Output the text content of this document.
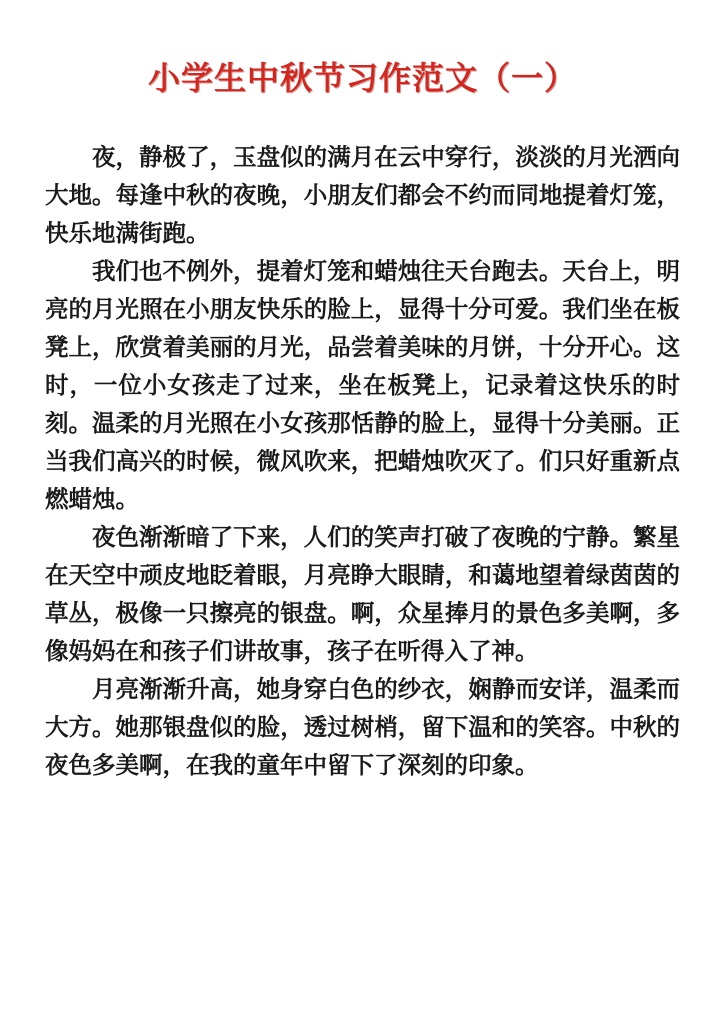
小学生中秋节习作范文（一）

夜，静极了，玉盘似的满月在云中穿行，淡淡的月光洒向大地。每逢中秋的夜晚，小朋友们都会不约而同地提着灯笼，快乐地满街跑。

我们也不例外，提着灯笼和蜡烛往天台跑去。天台上，明亮的月光照在小朋友快乐的脸上，显得十分可爱。我们坐在板凳上，欣赏着美丽的月光，品尝着美味的月饼，十分开心。这时，一位小女孩走了过来，坐在板凳上，记录着这快乐的时刻。温柔的月光照在小女孩那恬静的脸上，显得十分美丽。正当我们高兴的时候，微风吹来，把蜡烛吹灭了。们只好重新点燃蜡烛。

夜色渐渐暗了下来，人们的笑声打破了夜晚的宁静。繁星在天空中顽皮地眨着眼，月亮睁大眼睛，和蔼地望着绿茵茵的草丛，极像一只擦亮的银盘。啊，众星捧月的景色多美啊，多像妈妈在和孩子们讲故事，孩子在听得入了神。

月亮渐渐升高，她身穿白色的纱衣，娴静而安详，温柔而大方。她那银盘似的脸，透过树梢，留下温和的笑容。中秋的夜色多美啊，在我的童年中留下了深刻的印象。
